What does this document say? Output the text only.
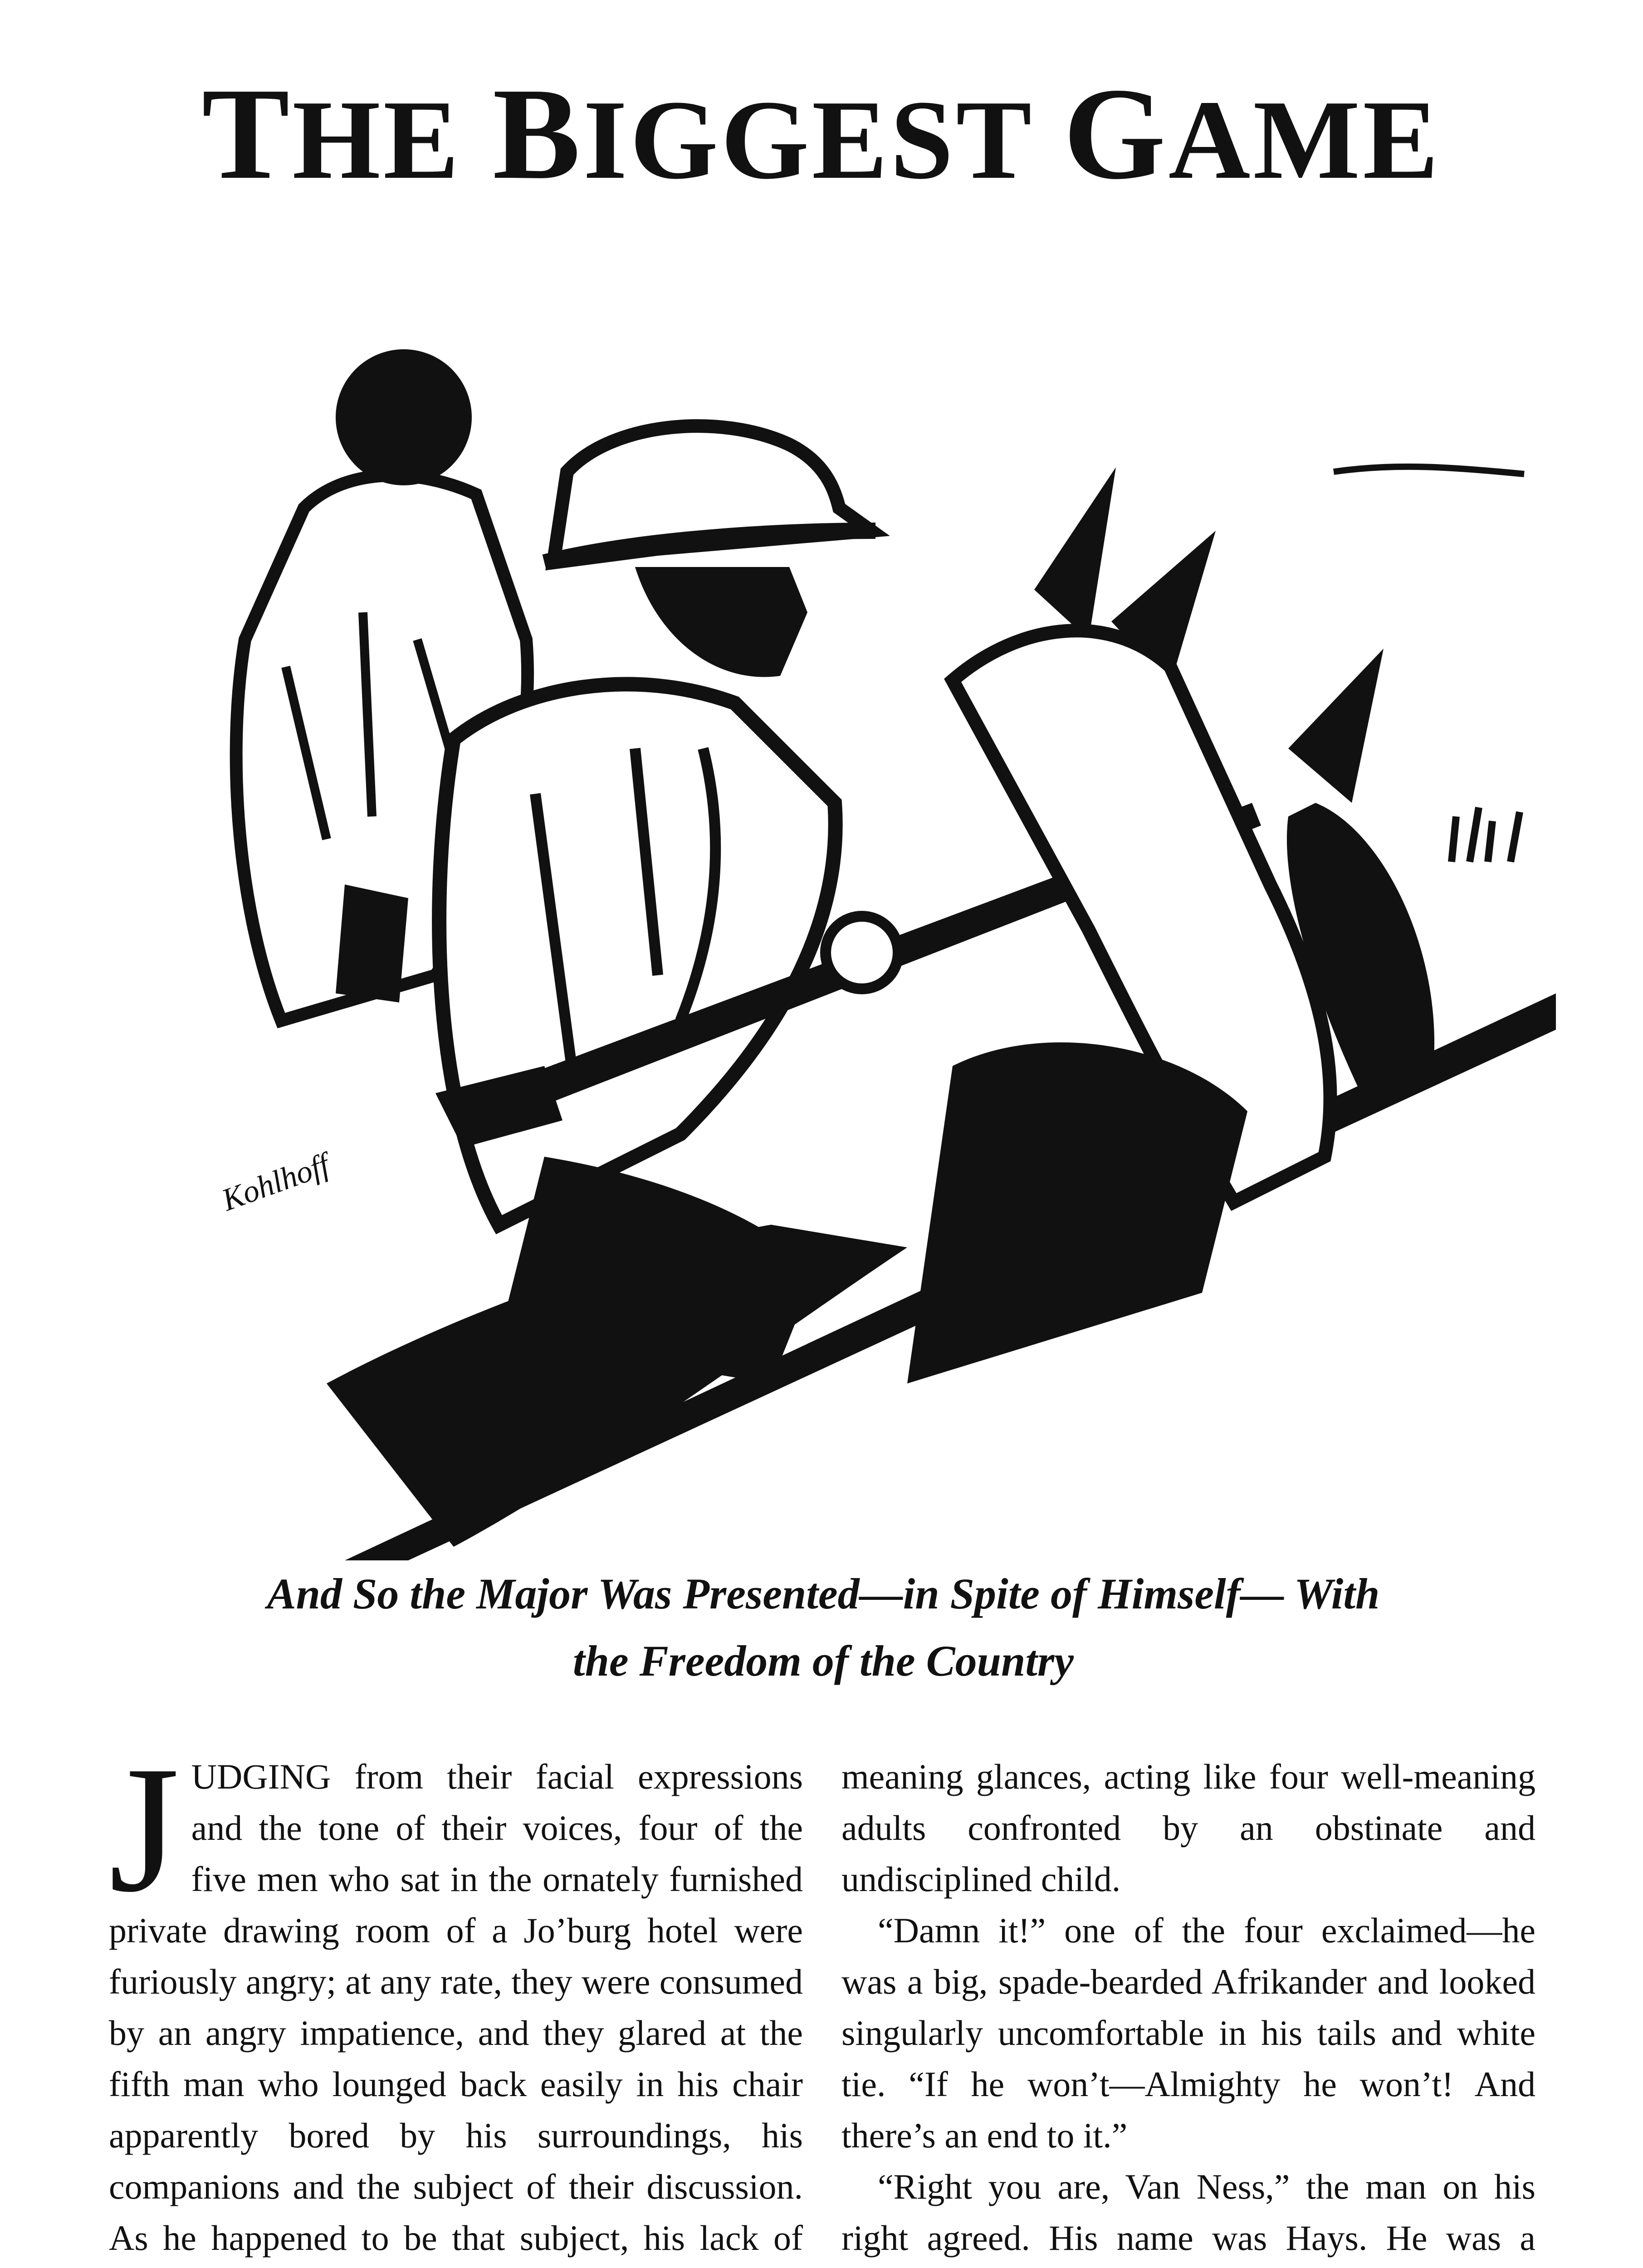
THE BIGGEST GAME
Kohlhoff
And So the Major Was Presented—in Spite of Himself— With
the Freedom of the Country

JUDGING from their facial expressions and the tone of their voices, four of the five men who sat in the ornately furnished private drawing room of a Jo’burg hotel were furiously angry; at any rate, they were consumed by an angry impatience, and they glared at the fifth man who lounged back easily in his chair apparently bored by his surroundings, his companions and the subject of their discussion. As he happened to be that subject, his lack of

meaning glances, acting like four well-meaning adults confronted by an obstinate and undisciplined child.

“Damn it!” one of the four exclaimed—he was a big, spade-bearded Afrikander and looked singularly uncomfortable in his tails and white tie. “If he won’t—Almighty he won’t! And there’s an end to it.”

“Right you are, Van Ness,” the man on his right agreed. His name was Hays. He was a
